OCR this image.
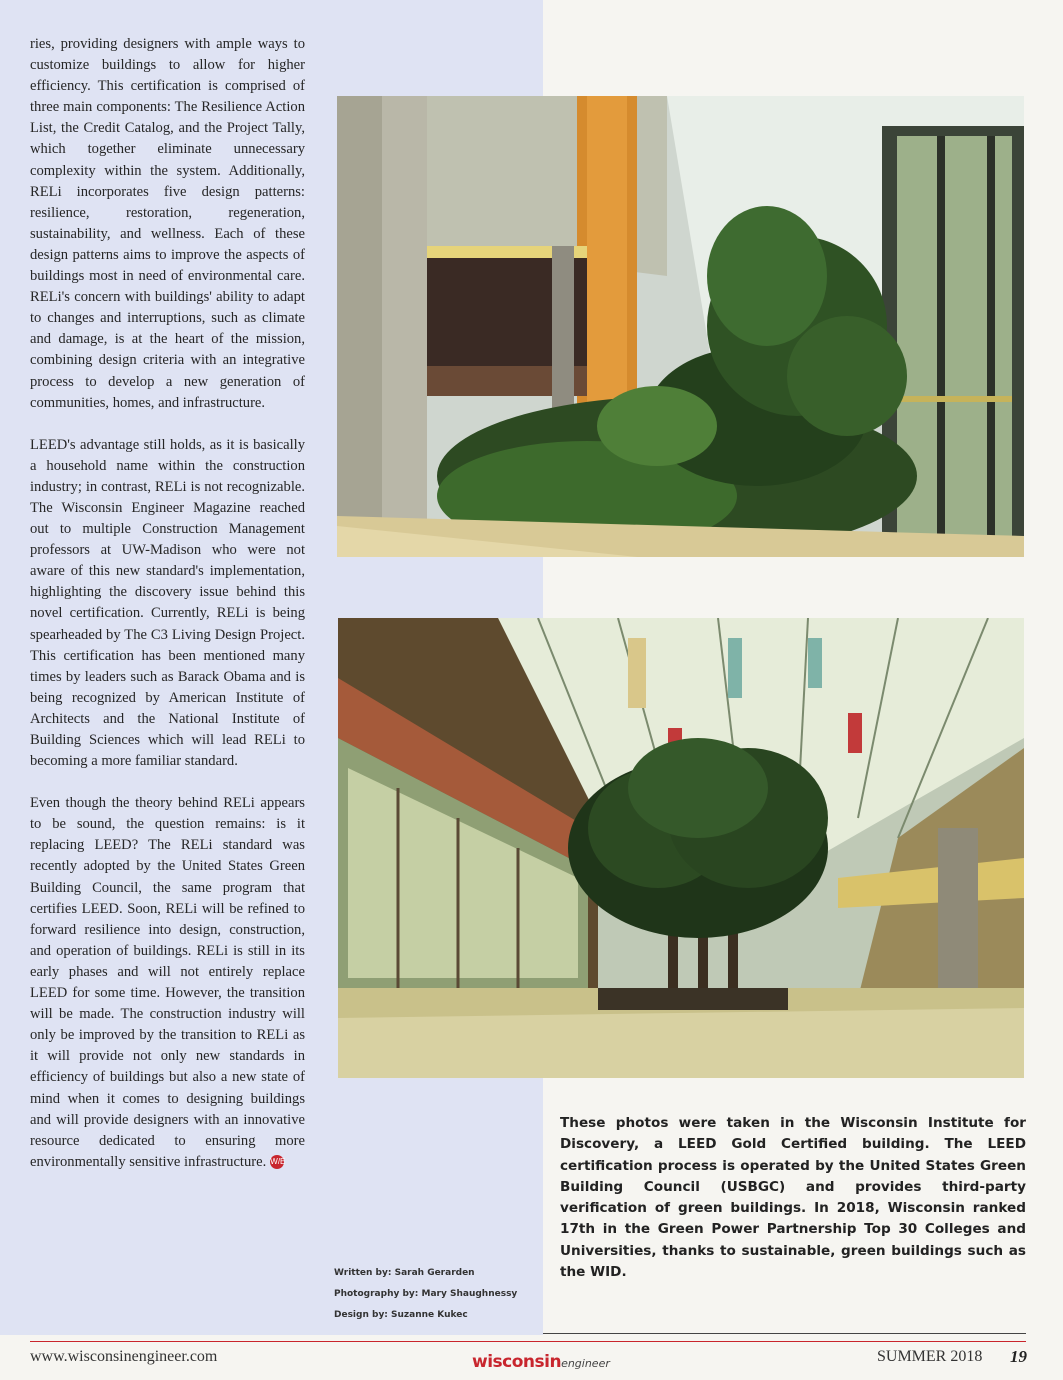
ries, providing designers with ample ways to customize buildings to allow for higher efficiency. This certification is comprised of three main components: The Resilience Action List, the Credit Catalog, and the Project Tally, which together eliminate unnecessary complexity within the system. Additionally, RELi incorporates five design patterns: resilience, restoration, regeneration, sustainability, and wellness. Each of these design patterns aims to improve the aspects of buildings most in need of environmental care. RELi's concern with buildings' ability to adapt to changes and interruptions, such as climate and damage, is at the heart of the mission, combining design criteria with an integrative process to develop a new generation of communities, homes, and infrastructure.

LEED's advantage still holds, as it is basically a household name within the construction industry; in contrast, RELi is not recognizable. The Wisconsin Engineer Magazine reached out to multiple Construction Management professors at UW-Madison who were not aware of this new standard's implementation, highlighting the discovery issue behind this novel certification. Currently, RELi is being spearheaded by The C3 Living Design Project. This certification has been mentioned many times by leaders such as Barack Obama and is being recognized by American Institute of Architects and the National Institute of Building Sciences which will lead RELi to becoming a more familiar standard.

Even though the theory behind RELi appears to be sound, the question remains: is it replacing LEED? The RELi standard was recently adopted by the United States Green Building Council, the same program that certifies LEED. Soon, RELi will be refined to forward resilience into design, construction, and operation of buildings. RELi is still in its early phases and will not entirely replace LEED for some time. However, the transition will be made. The construction industry will only be improved by the transition to RELi as it will provide not only new standards in efficiency of buildings but also a new state of mind when it comes to designing buildings and will provide designers with an innovative resource dedicated to ensuring more environmentally sensitive infrastructure. W/E

These photos were taken in the Wisconsin Institute for Discovery, a LEED Gold Certified building. The LEED certification process is operated by the United States Green Building Council (USBGC) and provides third-party verification of green buildings. In 2018, Wisconsin ranked 17th in the Green Power Partnership Top 30 Colleges and Universities, thanks to sustainable, green buildings such as the WID.
Written by: Sarah Gerarden
Photography by: Mary Shaughnessy
Design by: Suzanne Kukec
www.wisconsinengineer.com	wisconsinengineer	SUMMER 2018 19
